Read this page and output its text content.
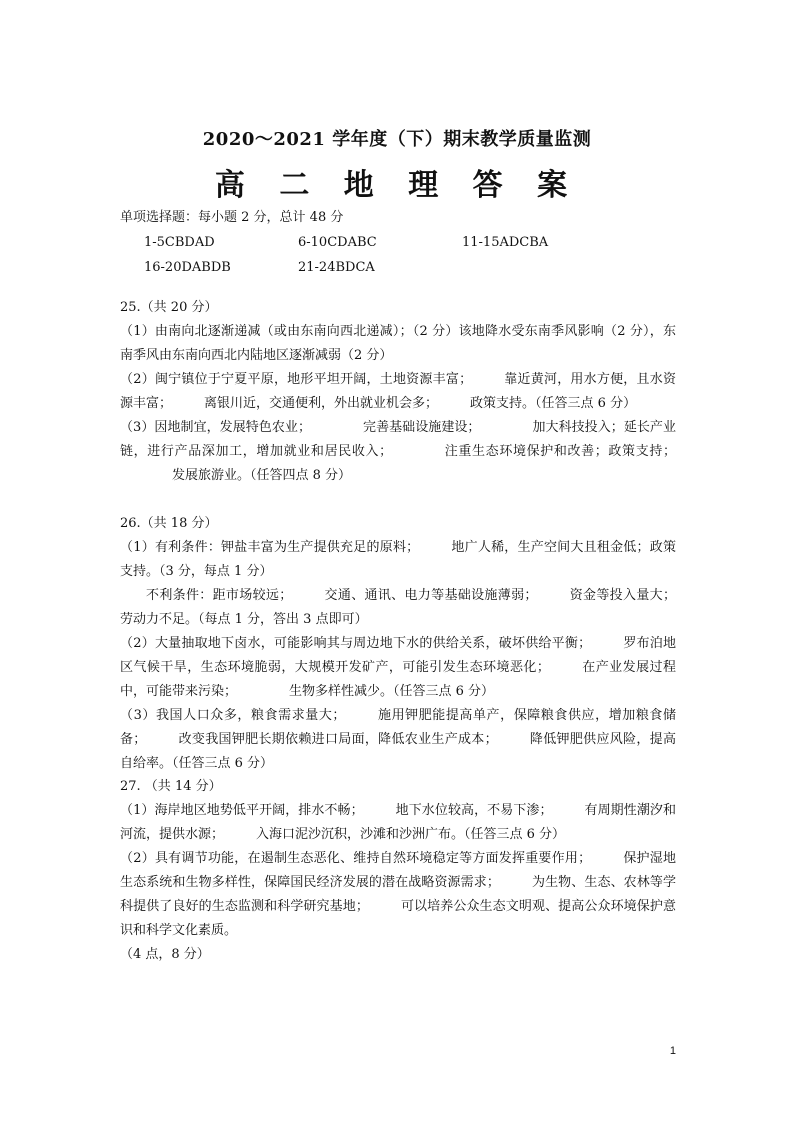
2020～2021 学年度（下）期末教学质量监测
高 二 地 理 答 案
单项选择题：每小题 2 分，总计 48 分
1-5CBDAD	6-10CDABC	11-15ADCBA
16-20DABDB	21-24BDCA

25.（共 20 分）

（1）由南向北逐渐递减（或由东南向西北递减）；（2 分）该地降水受东南季风影响（2 分），东南季风由东南向西北内陆地区逐渐减弱（2 分）

（2）闽宁镇位于宁夏平原，地形平坦开阔，土地资源丰富； 靠近黄河，用水方便，且水资源丰富； 离银川近，交通便利，外出就业机会多； 政策支持。（任答三点 6 分）

（3）因地制宜，发展特色农业；	完善基础设施建设；	加大科技投入；延长产业链，进行产品深加工，增加就业和居民收入；	注重生态环境保护和改善；政策支持；发展旅游业。（任答四点 8 分）

26.（共 18 分）

（1）有利条件：钾盐丰富为生产提供充足的原料； 地广人稀，生产空间大且租金低；政策支持。（3 分，每点 1 分）

不利条件：距市场较远； 交通、通讯、电力等基础设施薄弱； 资金等投入量大；劳动力不足。（每点 1 分，答出 3 点即可）

（2）大量抽取地下卤水，可能影响其与周边地下水的供给关系，破坏供给平衡； 罗布泊地区气候干旱，生态环境脆弱，大规模开发矿产，可能引发生态环境恶化； 在产业发展过程中，可能带来污染；	生物多样性减少。（任答三点 6 分）

（3）我国人口众多，粮食需求量大； 施用钾肥能提高单产，保障粮食供应，增加粮食储备； 改变我国钾肥长期依赖进口局面，降低农业生产成本； 降低钾肥供应风险，提高自给率。（任答三点 6 分）

27. （共 14 分）

（1）海岸地区地势低平开阔，排水不畅； 地下水位较高，不易下渗； 有周期性潮汐和河流，提供水源； 入海口泥沙沉积，沙滩和沙洲广布。（任答三点 6 分）

（2）具有调节功能，在遏制生态恶化、维持自然环境稳定等方面发挥重要作用； 保护湿地生态系统和生物多样性，保障国民经济发展的潜在战略资源需求； 为生物、生态、农林等学科提供了良好的生态监测和科学研究基地； 可以培养公众生态文明观、提高公众环境保护意识和科学文化素质。

（4 点，8 分）

1
